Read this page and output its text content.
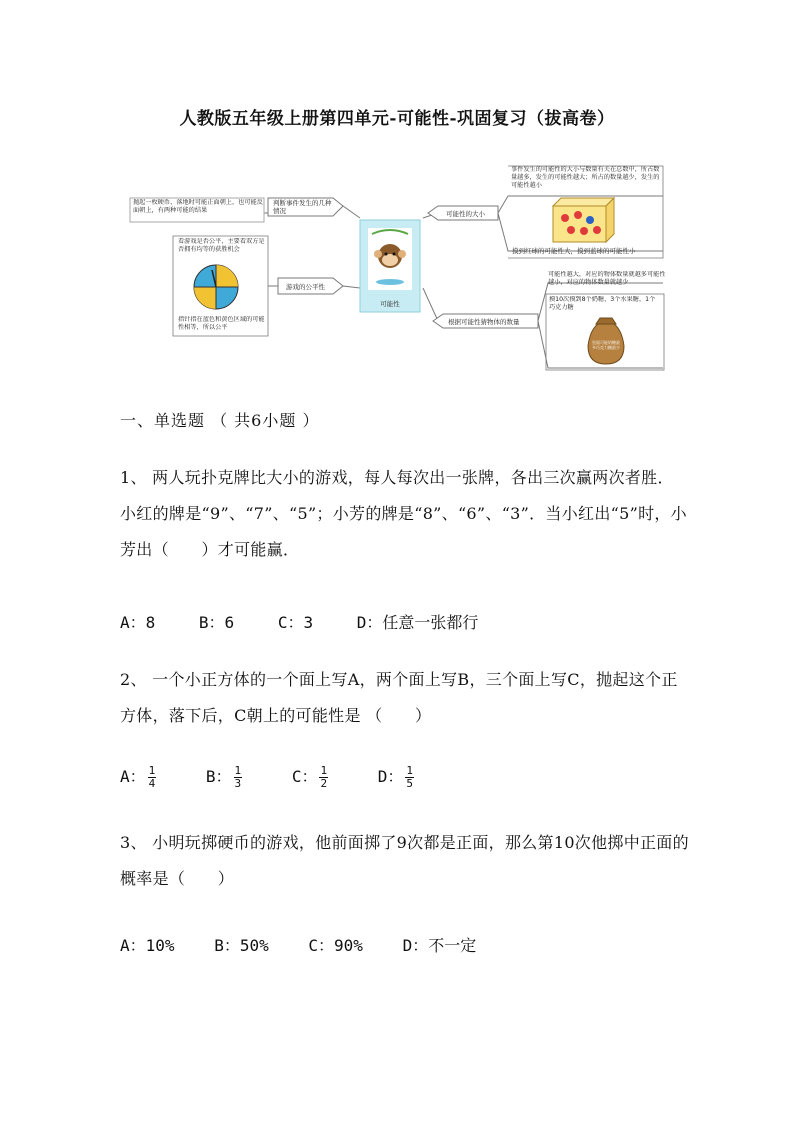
人教版五年级上册第四单元-可能性-巩固复习（拔高卷）
可能性
判断事件发生的几种情况
抛起一枚硬币，落地时可能正面朝上，也可能反面朝上，有两种可能的结果
游戏的公平性
看游戏是否公平，主要看双方是否拥有均等的获胜机会
指针指在蓝色和黄色区域的可能性相等，所以公平
可能性的大小
事件发生的可能性的大小与数量有关在总数中，所占数量越多，发生的可能性越大；所占的数量越少，发生的可能性越小
摸到红球的可能性大，摸到蓝球的可能性小
根据可能性猜物体的数量
可能性越大，对应的物体数量就越多可能性越小，对应的物体数量就越少
摸10次摸到8个奶糖，3个水果糖，1个巧克力糖
里面可能奶糖最多巧克力糖最少
一、单选题 （ 共6小题 ）
1、 两人玩扑克牌比大小的游戏，每人每次出一张牌，各出三次赢两次者胜．小红的牌是“9”、“7”、“5”；小芳的牌是“8”、“6”、“3”．当小红出“5”时，小芳出（　　）才可能赢．
A：8	B：6	C：3	D：任意一张都行
2、 一个小正方体的一个面上写A，两个面上写B，三个面上写C，抛起这个正方体，落下后，C朝上的可能性是 （　　）
A： $\frac{1}{4}$	B： $\frac{1}{3}$	C： $\frac{1}{2}$	D： $\frac{1}{5}$
3、 小明玩掷硬币的游戏，他前面掷了9次都是正面，那么第10次他掷中正面的概率是（　　）
A：10% B：50% C：90% D：不一定
